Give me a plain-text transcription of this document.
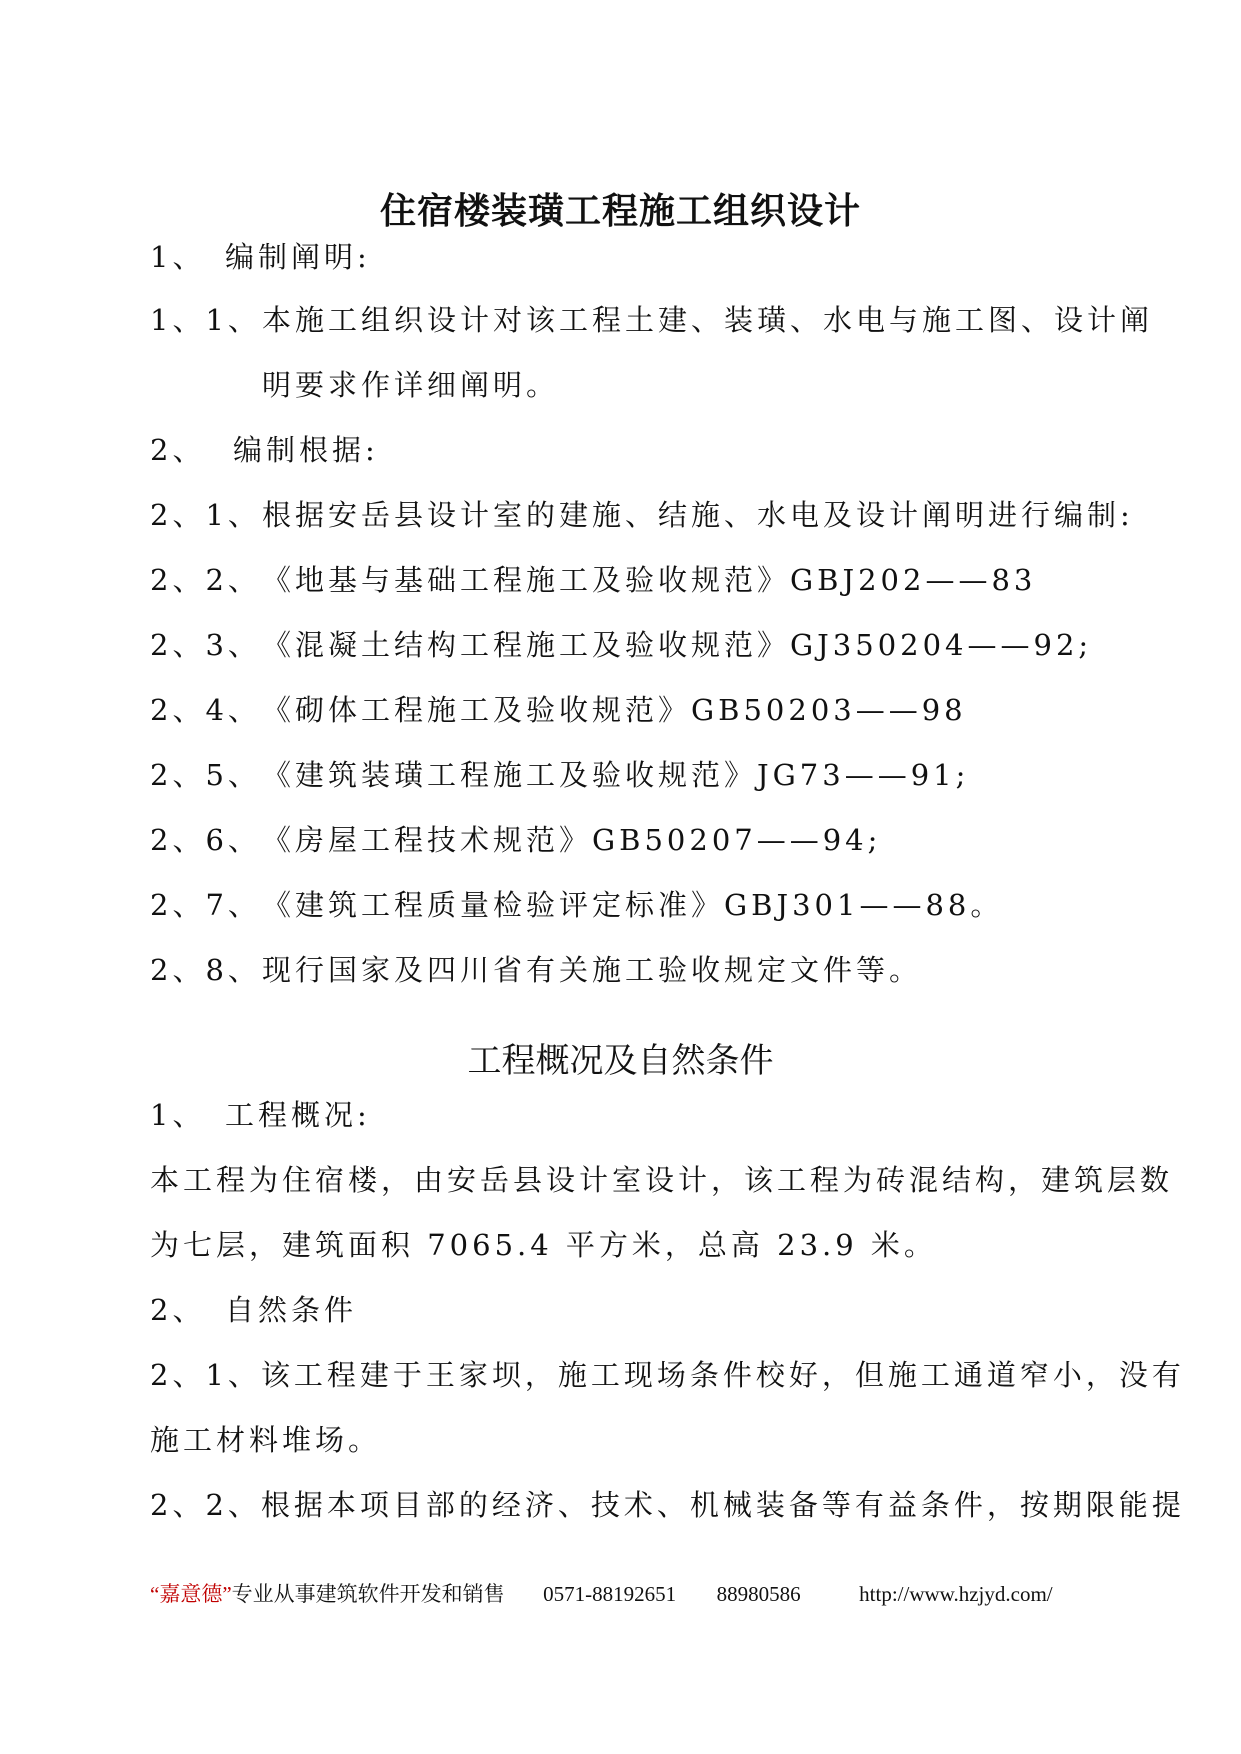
住宿楼装璜工程施工组织设计
1、 编制阐明:
1、1、 本施工组织设计对该工程土建、装璜、水电与施工图、设计阐
明要求作详细阐明。
2、 编制根据:
2、1、 根据安岳县设计室的建施、结施、水电及设计阐明进行编制:
2、2、 《地基与基础工程施工及验收规范》GBJ202——83
2、3、 《混凝土结构工程施工及验收规范》GJ350204——92;
2、4、 《砌体工程施工及验收规范》GB50203——98
2、5、 《建筑装璜工程施工及验收规范》JG73——91;
2、6、 《房屋工程技术规范》GB50207——94;
2、7、 《建筑工程质量检验评定标准》GBJ301——88。
2、8、 现行国家及四川省有关施工验收规定文件等。
工程概况及自然条件
1、 工程概况:
本工程为住宿楼，由安岳县设计室设计，该工程为砖混结构，建筑层数
为七层，建筑面积 7065.4 平方米，总高 23.9 米。
2、 自然条件
2、1、该工程建于王家坝，施工现场条件校好，但施工通道窄小，没有
施工材料堆场。
2、2、根据本项目部的经济、技术、机械装备等有益条件，按期限能提
“嘉意德”专业从事建筑软件开发和销售 0571-88192651 88980586	http://www.hzjyd.com/
